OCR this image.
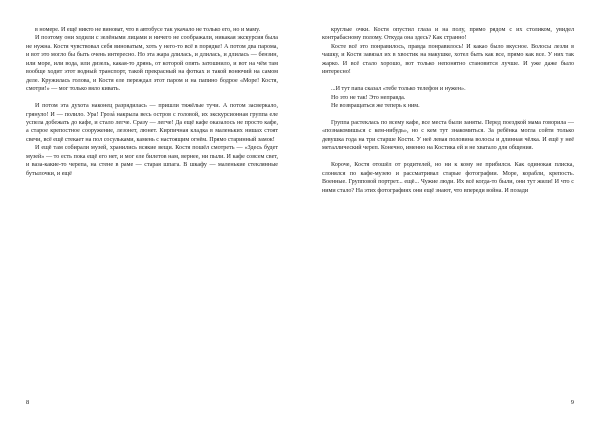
в номере. И ещё никто не виноват, что в автобусе так укачало не только его, но и маму.

И поэтому они ходили с зелёными лицами и ничего не соображали, никакая экскурсия была не нужна. Костя чувствовал себя виноватым, хоть у него-то всё в порядке! А потом два парома, и вот это могло бы быть очень интересно. Но эта жара длилась, и длилась, и длилась — бензин, или море, или вода, или дизель, какая-то дрянь, от которой опять затошнило, и вот на чём там вообще ходит этот водный транспорт, такой прекрасный на фотках и такой вонючий на самом деле. Кружилась голова, и Костя еле переждал этот паром и на папино бодрое «Море! Костя, смотри!» — мог только вяло кивать.

И потом эта духота наконец разрядилась — пришли тяжёлые тучи. А потом засверкало, грянуло! И — полило. Ура! Грозá накрыла весь остров с головой, их экскурсионная группа еле успела добежать до кафе, и стало легче. Сразу — легче! Да ещё кафе оказалось не просто кафе, а старое крепостное сооружение, лезонет, люнет. Кирпичная кладка в маленьких нишах стоят свечи, всё ещё стекает на пол сосульками, камень с настоящим огнём. Прямо старинный замок!

И ещё там собирали музей, хранились всякие вещи. Костя пошёл смотреть — «Здесь будет музей» — то есть пока ещё его нет, и мог еле билетов нам, вернее, ни пыли. И кафе совсем свет, и ваза-какие-то черепа, на стене в раме — старая шпага. В шкафу — маленькие стеклянные бутылочки, и ещё

8

круглые очки. Костя опустил глаза и на полу, прямо рядом с их столиком, увидел контрабасному полому. Откуда она здесь? Как странно!

Косте всё это понравилось, правда понравилось! И какао было вкусное. Волосы лезли в чашку, и Костя завязал их в хвостик на макушке, хотел быть как все, прямо как все. У них так жарко. И всё стало хорошо, вот только непонятно становится лучше. И уже даже было интересно!

...И тут папа сказал «тебе только телефон и нужен».

Но это не так! Это неправда.

Не возвращаться же теперь к ним.

Группа растеклась по всему кафе, все места были заняты. Перед поездкой мама говорила — «познакомишься с кем-нибудь», но с кем тут знакомиться. За ребёнка могла сойти только девушка года на три старше Кости. У неё левая половина волосы и длинная чёлка. И ещё у неё металлический череп. Конечно, именно на Костика ей и не хватало для общения.

Короче, Костя отошёл от родителей, но ни к кому не прибился. Как одинокая плиска, слонялся по кафе-музею и рассматривал старые фотографии. Море, корабли, крепость. Военные. Групповой портрет... ещё... Чужие люди. Их всё когда-то были, они тут жили! И что с ними стало? На этих фотографиях они ещё знают, что впереди война. И позади

9
